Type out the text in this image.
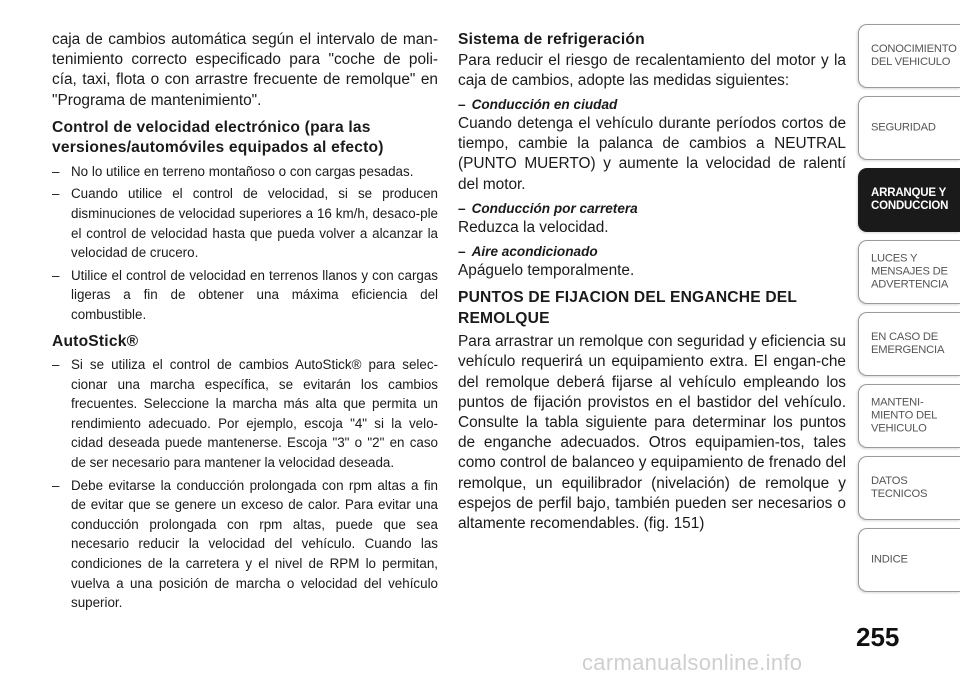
caja de cambios automática según el intervalo de man-tenimiento correcto especificado para "coche de poli-cía, taxi, flota o con arrastre frecuente de remolque" en "Programa de mantenimiento".

Control de velocidad electrónico (para las versiones/automóviles equipados al efecto)
– No lo utilice en terreno montañoso o con cargas pesadas.
– Cuando utilice el control de velocidad, si se producen disminuciones de velocidad superiores a 16 km/h, desaco-ple el control de velocidad hasta que pueda volver a alcanzar la velocidad de crucero.
– Utilice el control de velocidad en terrenos llanos y con cargas ligeras a fin de obtener una máxima eficiencia del combustible.
AutoStick®
– Si se utiliza el control de cambios AutoStick® para selec-cionar una marcha específica, se evitarán los cambios frecuentes. Seleccione la marcha más alta que permita un rendimiento adecuado. Por ejemplo, escoja "4" si la velo-cidad deseada puede mantenerse. Escoja "3" o "2" en caso de ser necesario para mantener la velocidad deseada.
– Debe evitarse la conducción prolongada con rpm altas a fin de evitar que se genere un exceso de calor. Para evitar una conducción prolongada con rpm altas, puede que sea necesario reducir la velocidad del vehículo. Cuando las condiciones de la carretera y el nivel de RPM lo permitan, vuelva a una posición de marcha o velocidad del vehículo superior.
Sistema de refrigeración

Para reducir el riesgo de recalentamiento del motor y la caja de cambios, adopte las medidas siguientes:

– Conducción en ciudad

Cuando detenga el vehículo durante períodos cortos de tiempo, cambie la palanca de cambios a NEUTRAL (PUNTO MUERTO) y aumente la velocidad de ralentí del motor.

– Conducción por carretera

Reduzca la velocidad.

– Aire acondicionado

Apáguelo temporalmente.

PUNTOS DE FIJACION DEL ENGANCHE DEL REMOLQUE

Para arrastrar un remolque con seguridad y eficiencia su vehículo requerirá un equipamiento extra. El engan-che del remolque deberá fijarse al vehículo empleando los puntos de fijación provistos en el bastidor del vehículo. Consulte la tabla siguiente para determinar los puntos de enganche adecuados. Otros equipamien-tos, tales como control de balanceo y equipamiento de frenado del remolque, un equilibrador (nivelación) de remolque y espejos de perfil bajo, también pueden ser necesarios o altamente recomendables. (fig. 151)

CONOCIMIENTO
DEL VEHICULO
SEGURIDAD
ARRANQUE Y
CONDUCCION
LUCES Y
MENSAJES DE
ADVERTENCIA
EN CASO DE
EMERGENCIA
MANTENI-
MIENTO DEL
VEHICULO
DATOS
TECNICOS
INDICE
255
carmanualsonline.info
